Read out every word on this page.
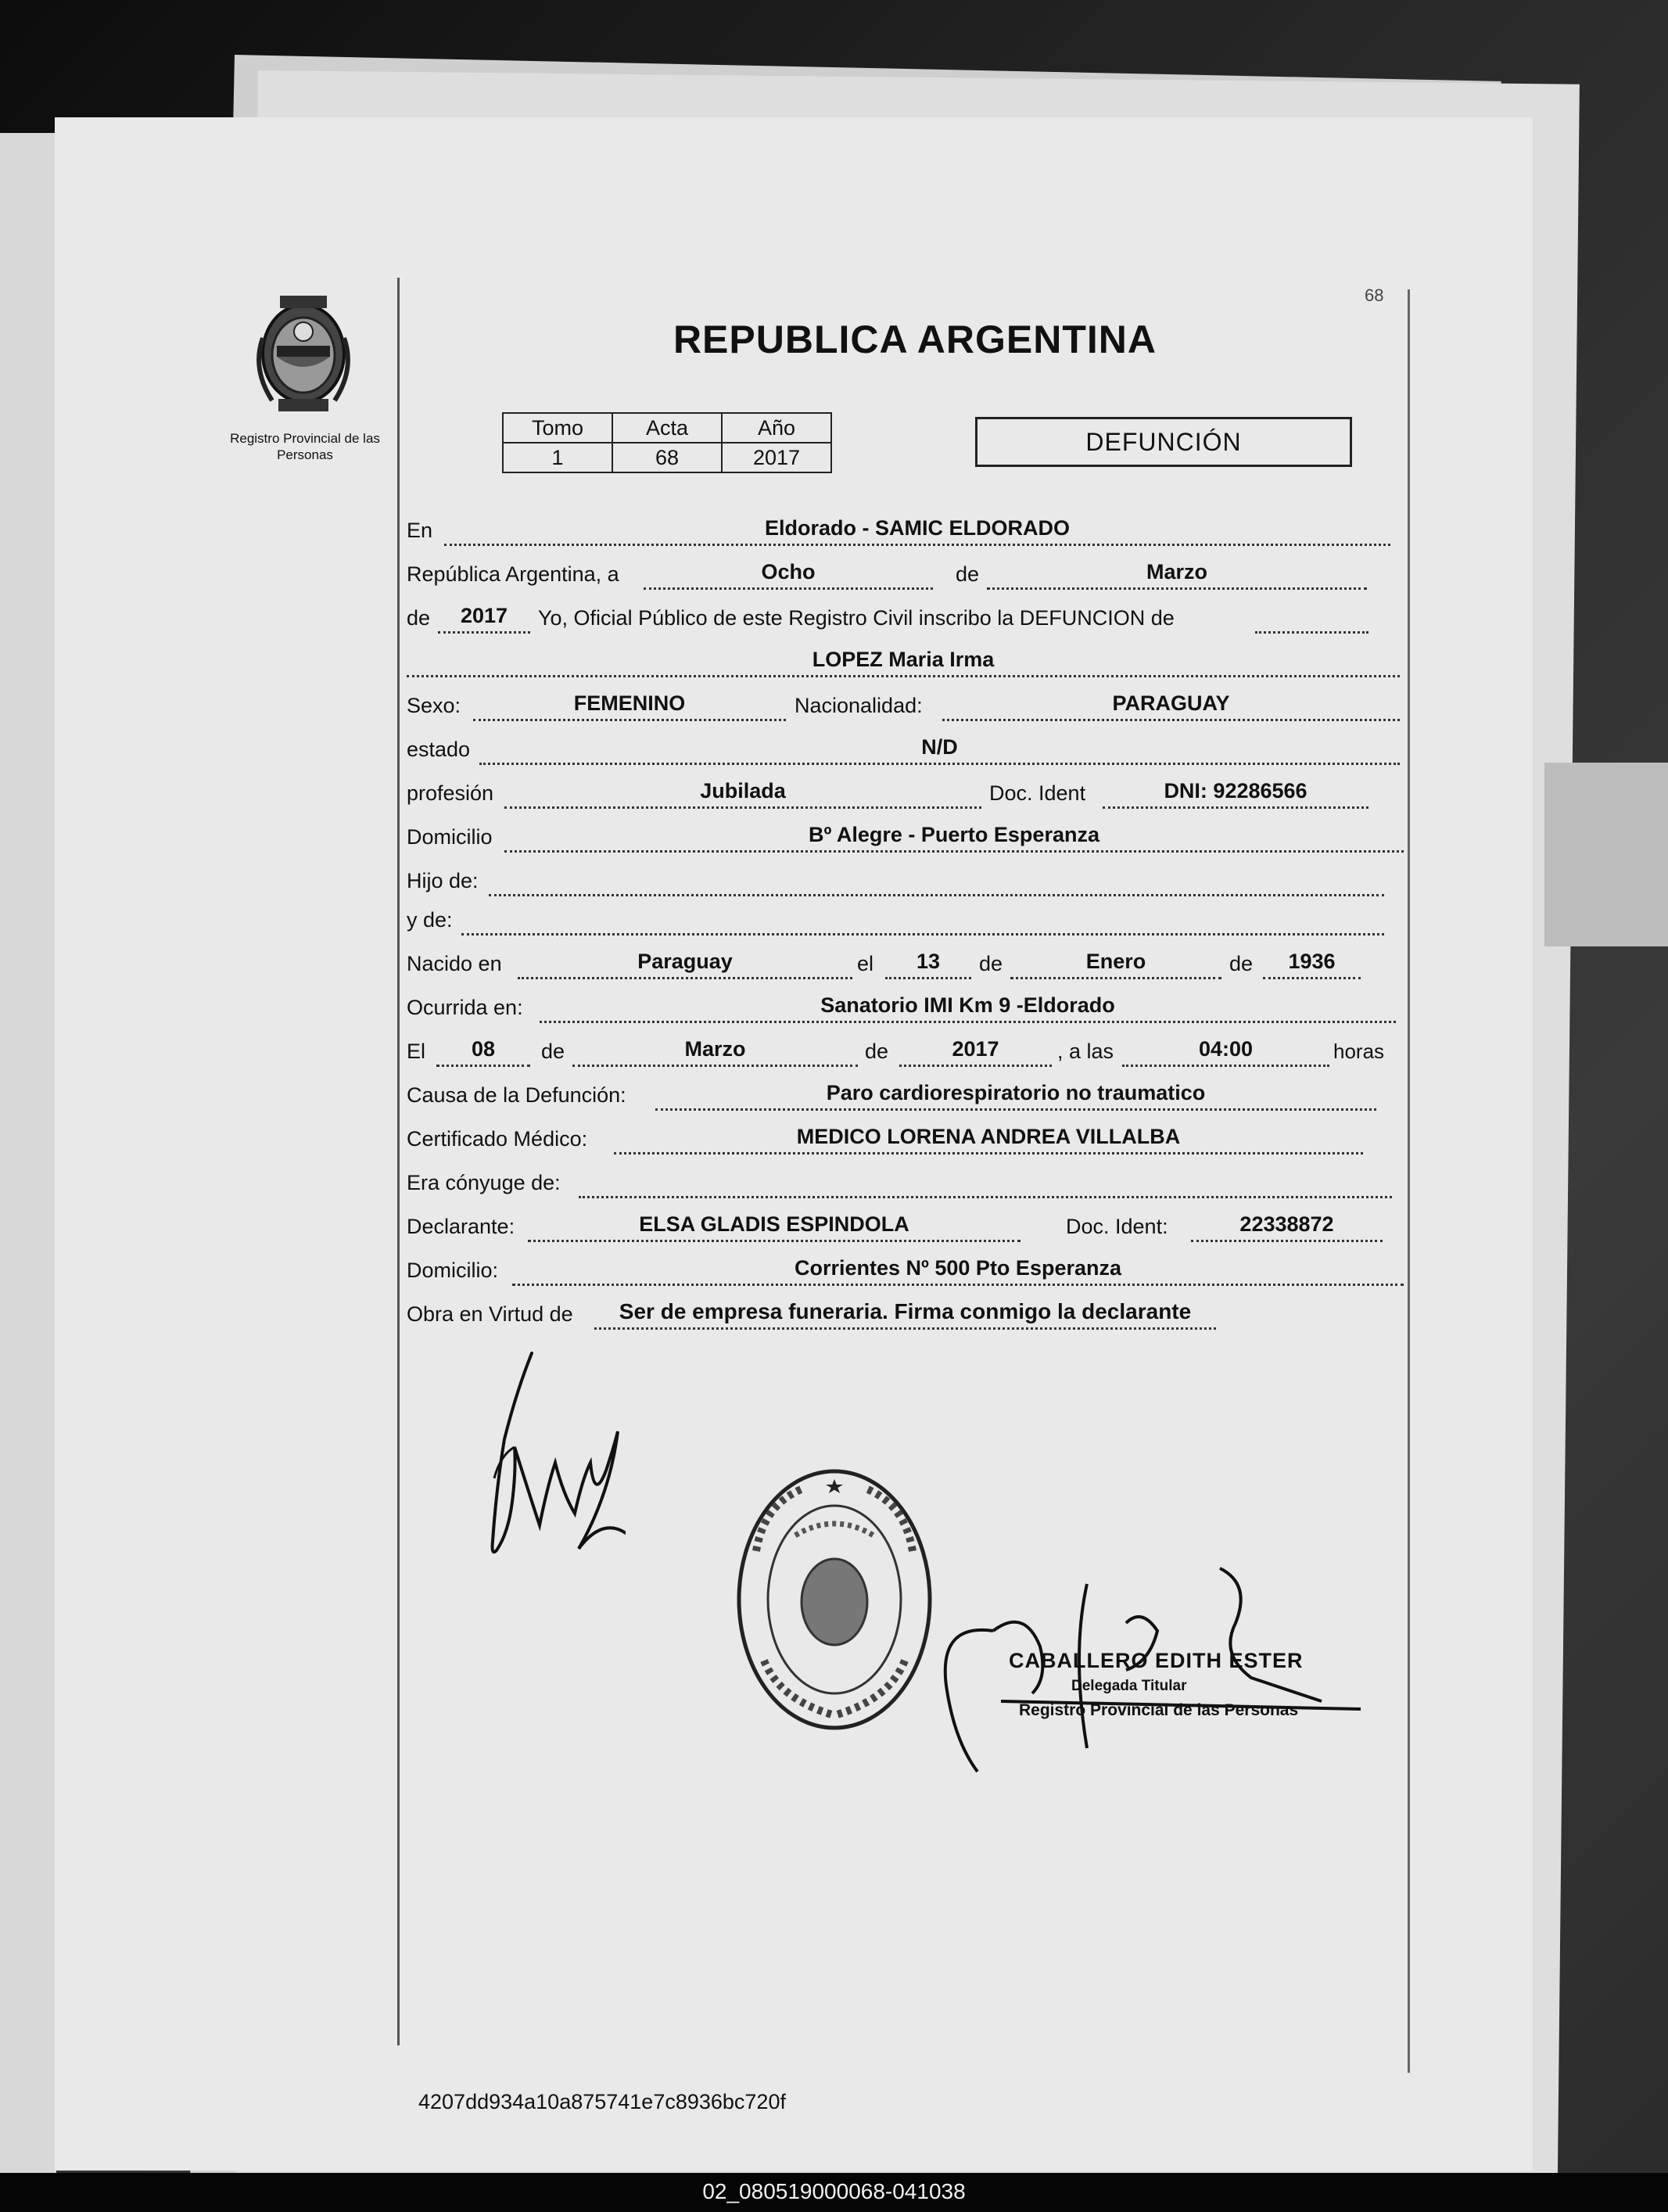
Registro Provincial de las Personas
68
REPUBLICA ARGENTINA
Tomo	Acta	Año
1	68	2017
DEFUNCIÓN
En	Eldorado - SAMIC ELDORADO
República Argentina, a	Ocho	de	Marzo
de	2017	Yo, Oficial Público de este Registro Civil inscribo la DEFUNCION de
LOPEZ Maria Irma
Sexo:	FEMENINO	Nacionalidad:	PARAGUAY
estado	N/D
profesión	Jubilada	Doc. Ident	DNI: 92286566
Domicilio	Bº Alegre - Puerto Esperanza
Hijo de:
y de:
Nacido en	Paraguay	el	13	de	Enero	de	1936
Ocurrida en:	Sanatorio IMI Km 9 -Eldorado
El	08	de	Marzo	de	2017	, a las	04:00	horas
Causa de la Defunción:	Paro cardiorespiratorio no traumatico
Certificado Médico:	MEDICO LORENA ANDREA VILLALBA
Era cónyuge de:
Declarante:	ELSA GLADIS ESPINDOLA	Doc. Ident:	22338872
Domicilio:	Corrientes Nº 500 Pto Esperanza
Obra en Virtud de	Ser de empresa funeraria. Firma conmigo la declarante
CABALLERO EDITH ESTER
Delegada Titular
Registro Provincial de las Personas
4207dd934a10a875741e7c8936bc720f
02_080519000068-041038
